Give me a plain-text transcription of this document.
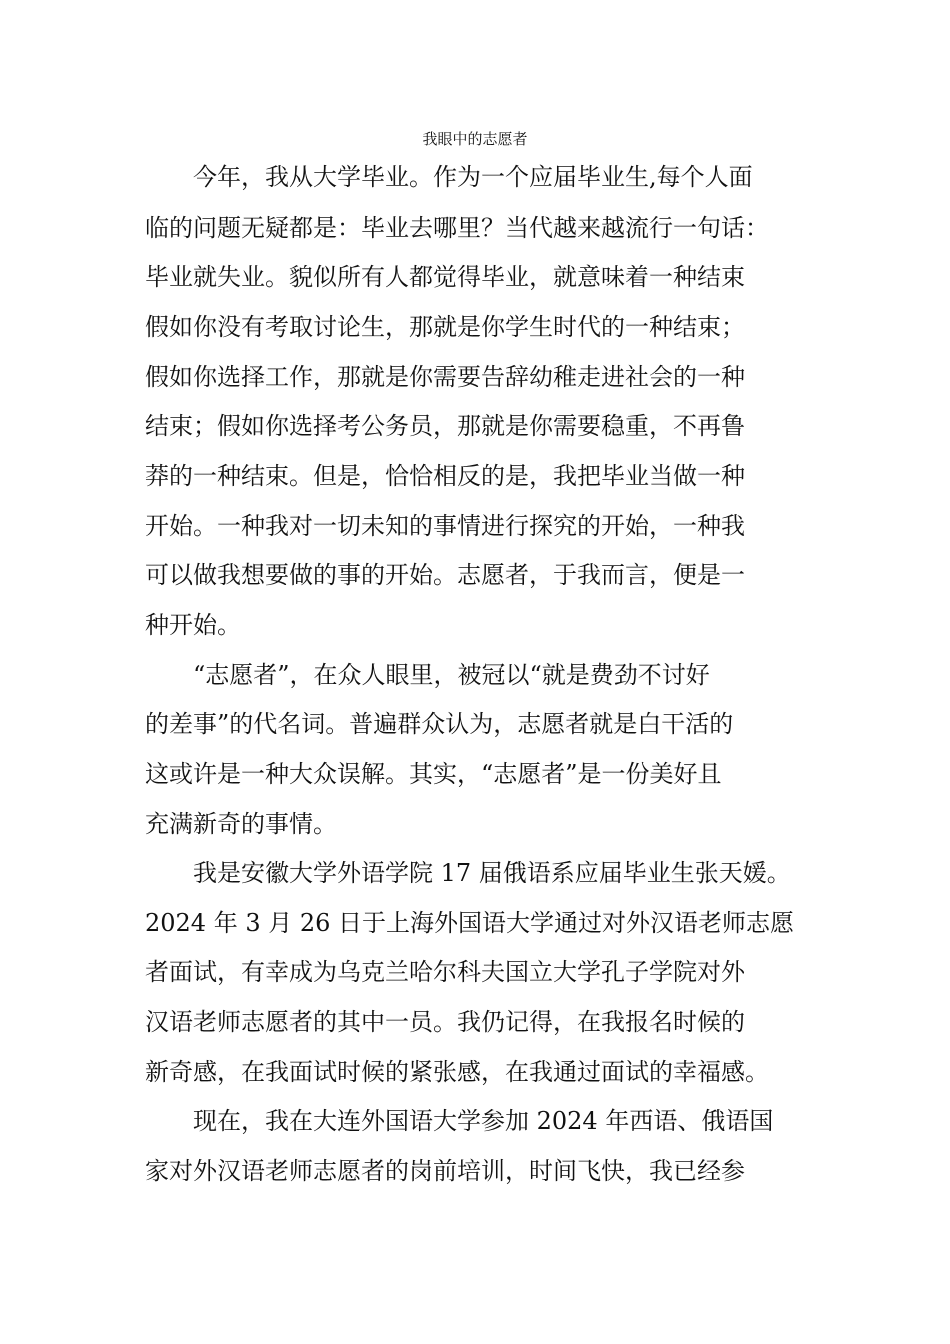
我眼中的志愿者
　　今年，我从大学毕业。作为一个应届毕业生,每个人面
临的问题无疑都是：毕业去哪里？当代越来越流行一句话：
毕业就失业。貌似所有人都觉得毕业，就意味着一种结束
假如你没有考取讨论生，那就是你学生时代的一种结束；
假如你选择工作，那就是你需要告辞幼稚走进社会的一种
结束；假如你选择考公务员，那就是你需要稳重，不再鲁
莽的一种结束。但是，恰恰相反的是，我把毕业当做一种
开始。一种我对一切未知的事情进行探究的开始，一种我
可以做我想要做的事的开始。志愿者，于我而言，便是一
种开始。
　　“志愿者”，在众人眼里，被冠以“就是费劲不讨好
的差事”的代名词。普遍群众认为，志愿者就是白干活的
这或许是一种大众误解。其实，“志愿者”是一份美好且
充满新奇的事情。
　　我是安徽大学外语学院 17 届俄语系应届毕业生张天媛。
2024 年 3 月 26 日于上海外国语大学通过对外汉语老师志愿
者面试，有幸成为乌克兰哈尔科夫国立大学孔子学院对外
汉语老师志愿者的其中一员。我仍记得，在我报名时候的
新奇感，在我面试时候的紧张感，在我通过面试的幸福感。
　　现在，我在大连外国语大学参加 2024 年西语、俄语国
家对外汉语老师志愿者的岗前培训，时间飞快，我已经参
